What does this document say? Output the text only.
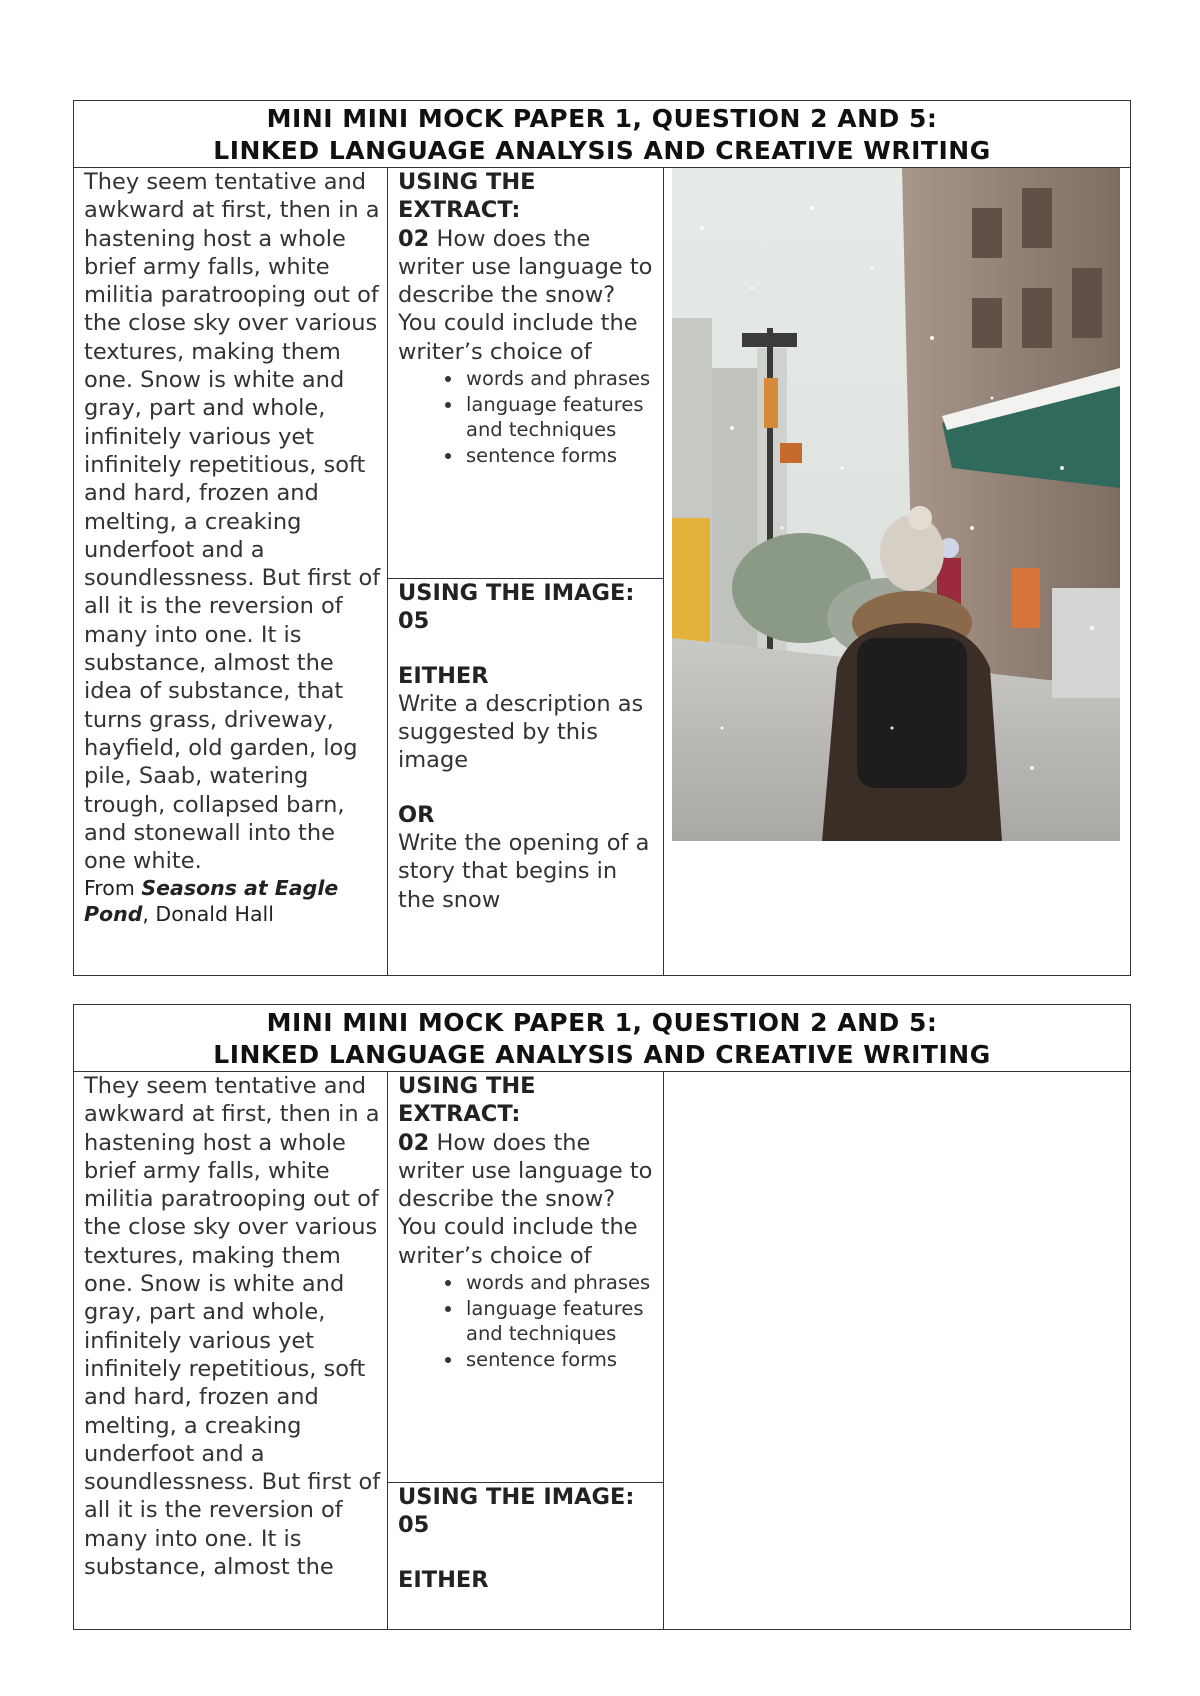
MINI MINI MOCK PAPER 1, QUESTION 2 AND 5:
LINKED LANGUAGE ANALYSIS AND CREATIVE WRITING
They seem tentative and awkward at first, then in a hastening host a whole brief army falls, white militia paratrooping out of the close sky over various textures, making them one. Snow is white and gray, part and whole, infinitely various yet infinitely repetitious, soft and hard, frozen and melting, a creaking underfoot and a soundlessness. But first of all it is the reversion of many into one. It is substance, almost the idea of substance, that turns grass, driveway, hayfield, old garden, log pile, Saab, watering trough, collapsed barn, and stonewall into the one white.
From Seasons at Eagle Pond, Donald Hall
USING THE EXTRACT:
02 How does the writer use language to describe the snow?
You could include the writer’s choice of
• words and phrases
• language features and techniques
• sentence forms
USING THE IMAGE:
05
EITHER
Write a description as suggested by this image
OR
Write the opening of a story that begins in the snow
MINI MINI MOCK PAPER 1, QUESTION 2 AND 5:
LINKED LANGUAGE ANALYSIS AND CREATIVE WRITING
They seem tentative and awkward at first, then in a hastening host a whole brief army falls, white militia paratrooping out of the close sky over various textures, making them one. Snow is white and gray, part and whole, infinitely various yet infinitely repetitious, soft and hard, frozen and melting, a creaking underfoot and a soundlessness. But first of all it is the reversion of many into one. It is substance, almost the
USING THE EXTRACT:
02 How does the writer use language to describe the snow?
You could include the writer’s choice of
• words and phrases
• language features and techniques
• sentence forms
USING THE IMAGE:
05
EITHER
